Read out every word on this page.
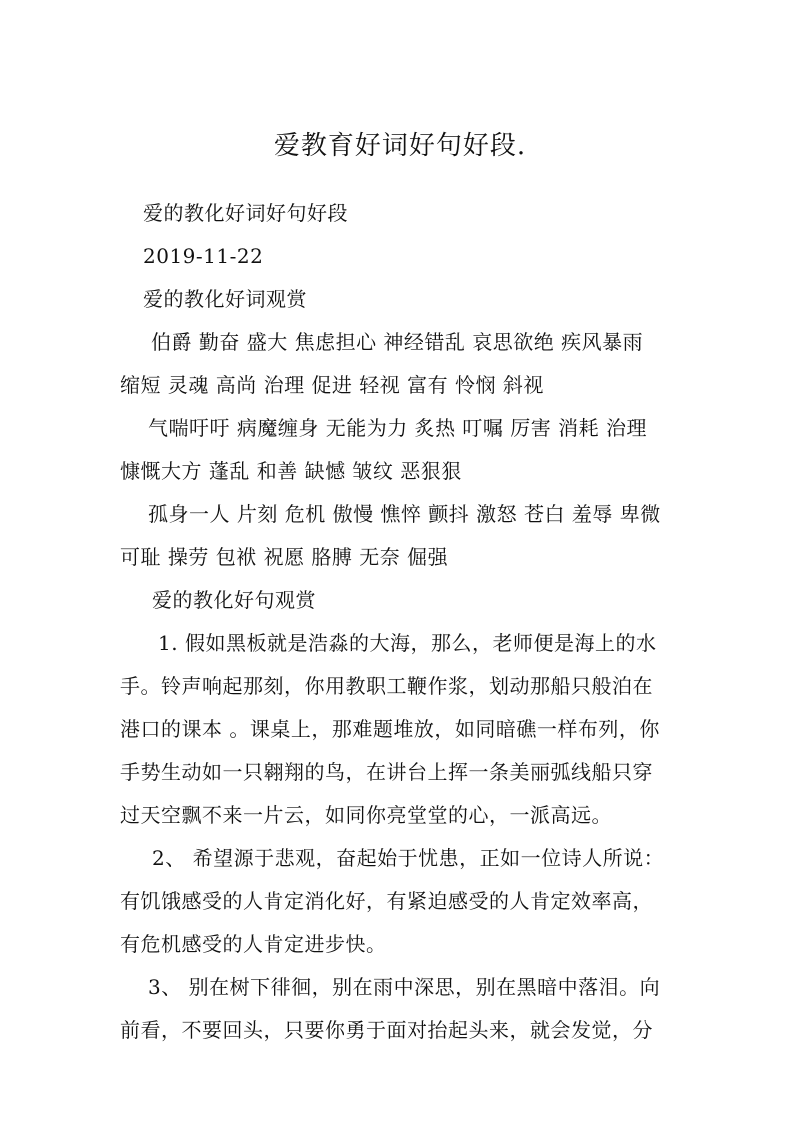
爱教育好词好句好段.
爱的教化好词好句好段
2019-11-22
爱的教化好词观赏
伯爵 勤奋 盛大 焦虑担心 神经错乱 哀思欲绝 疾风暴雨
缩短 灵魂 高尚 治理 促进 轻视 富有 怜悯 斜视
气喘吁吁 病魔缠身 无能为力 炙热 叮嘱 厉害 消耗 治理
慷慨大方 蓬乱 和善 缺憾 皱纹 恶狠狠
孤身一人 片刻 危机 傲慢 憔悴 颤抖 激怒 苍白 羞辱 卑微
可耻 操劳 包袱 祝愿 胳膊 无奈 倔强
爱的教化好句观赏
1. 假如黑板就是浩淼的大海，那么，老师便是海上的水
手。铃声响起那刻，你用教职工鞭作浆，划动那船只般泊在
港口的课本 。课桌上，那难题堆放，如同暗礁一样布列，你
手势生动如一只翱翔的鸟，在讲台上挥一条美丽弧线船只穿
过天空飘不来一片云，如同你亮堂堂的心，一派高远。
2、 希望源于悲观，奋起始于忧患，正如一位诗人所说：
有饥饿感受的人肯定消化好，有紧迫感受的人肯定效率高，
有危机感受的人肯定进步快。
3、 别在树下徘徊，别在雨中深思，别在黑暗中落泪。向
前看，不要回头，只要你勇于面对抬起头来，就会发觉，分
